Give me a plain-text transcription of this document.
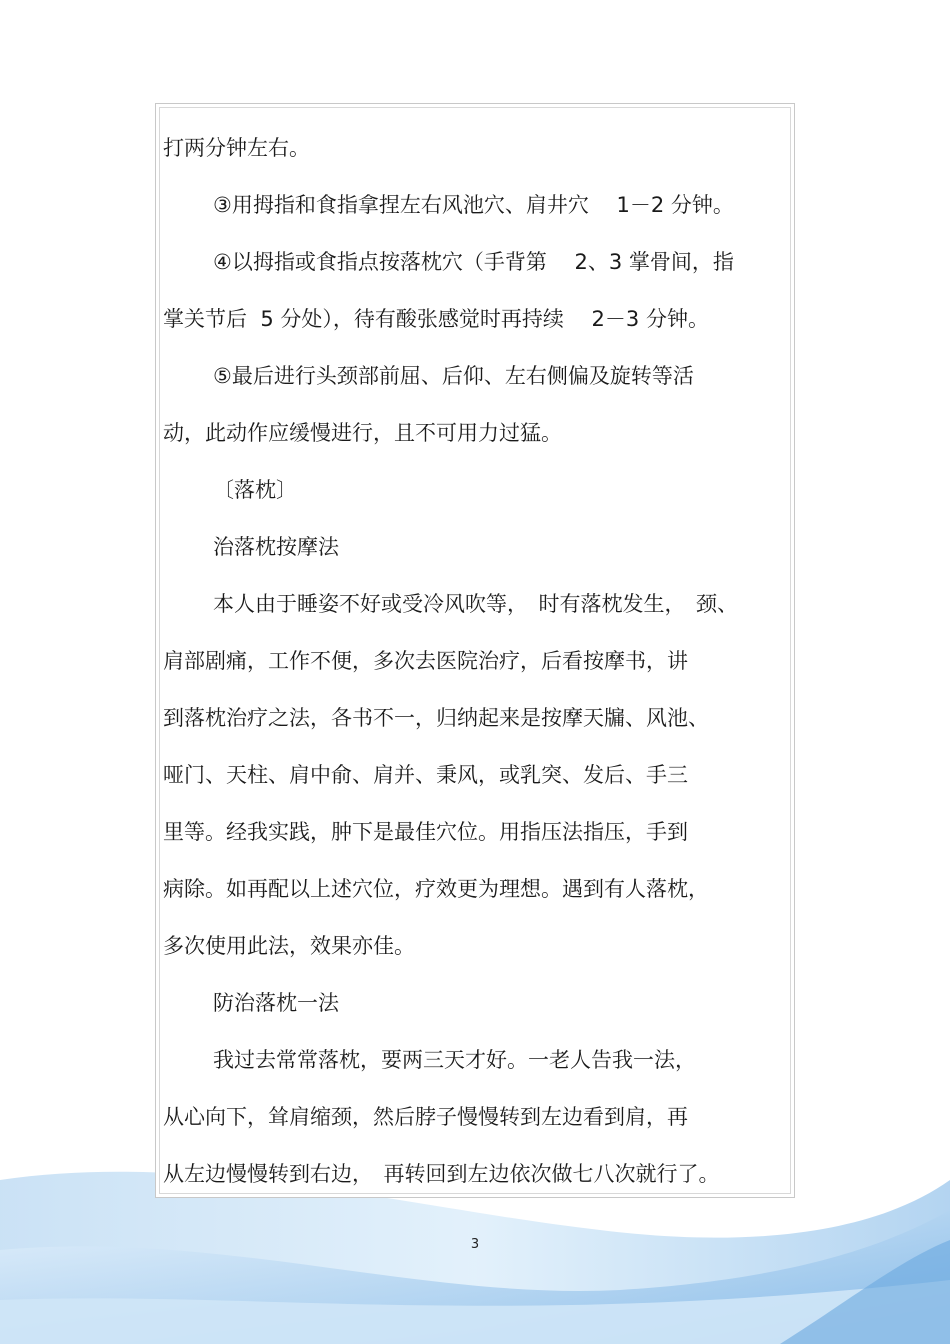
打两分钟左右。
③用拇指和食指拿捏左右风池穴、肩井穴　 1－2 分钟。
④以拇指或食指点按落枕穴（手背第　 2、3 掌骨间，指
掌关节后  5 分处），待有酸张感觉时再持续　 2－3 分钟。
⑤最后进行头颈部前屈、后仰、左右侧偏及旋转等活
动，此动作应缓慢进行，且不可用力过猛。
〔落枕〕
治落枕按摩法
本人由于睡姿不好或受冷风吹等，　时有落枕发生，　颈、
肩部剧痛，工作不便，多次去医院治疗，后看按摩书，讲
到落枕治疗之法，各书不一，归纳起来是按摩天牖、风池、
哑门、天柱、肩中俞、肩并、秉风，或乳突、发后、手三
里等。经我实践，肿下是最佳穴位。用指压法指压，手到
病除。如再配以上述穴位，疗效更为理想。遇到有人落枕，
多次使用此法，效果亦佳。
防治落枕一法
我过去常常落枕，要两三天才好。一老人告我一法，
从心向下，耸肩缩颈，然后脖子慢慢转到左边看到肩，再
从左边慢慢转到右边，　再转回到左边依次做七八次就行了。
3
